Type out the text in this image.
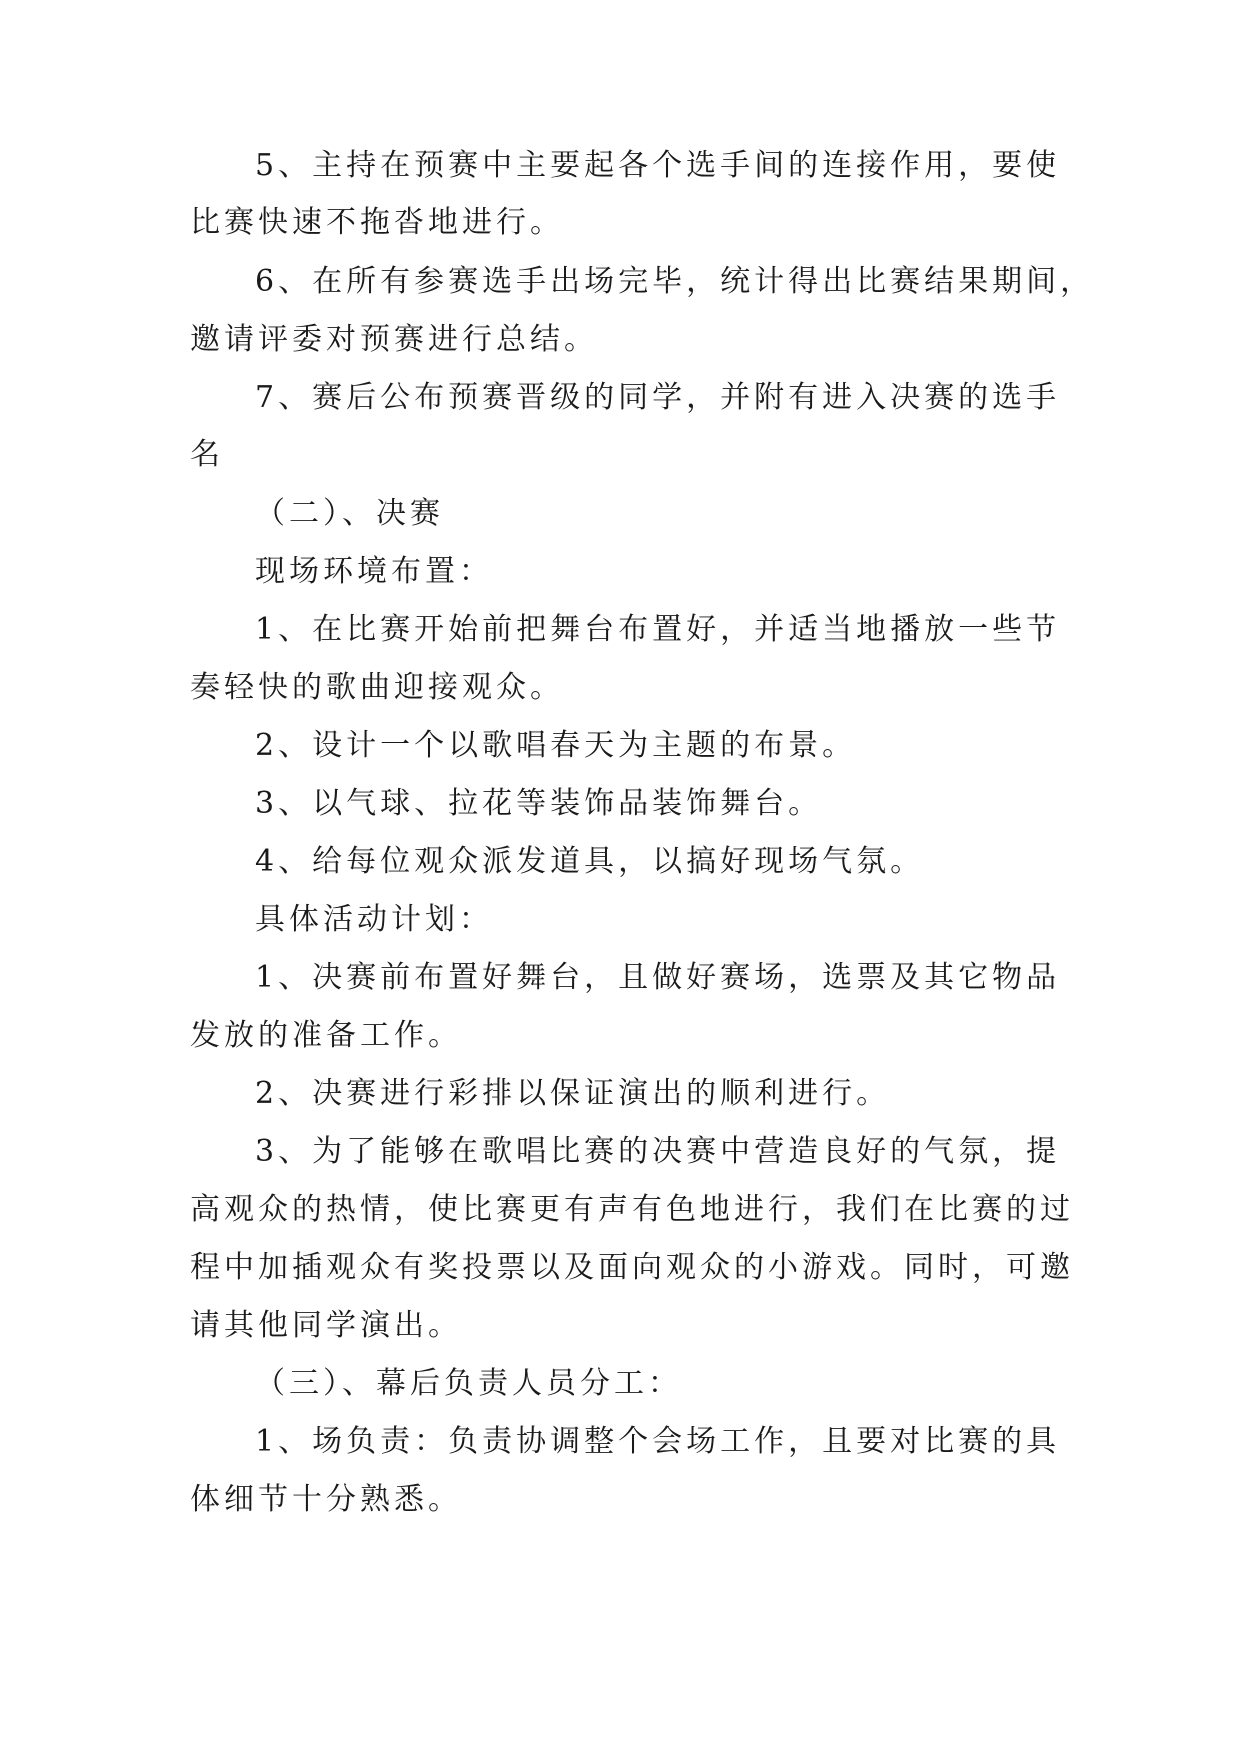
5、主持在预赛中主要起各个选手间的连接作用，要使

比赛快速不拖沓地进行。

6、在所有参赛选手出场完毕，统计得出比赛结果期间，

邀请评委对预赛进行总结。

7、赛后公布预赛晋级的同学，并附有进入决赛的选手

名

（二）、决赛

现场环境布置：

1、在比赛开始前把舞台布置好，并适当地播放一些节

奏轻快的歌曲迎接观众。

2、设计一个以歌唱春天为主题的布景。

3、以气球、拉花等装饰品装饰舞台。

4、给每位观众派发道具，以搞好现场气氛。

具体活动计划：

1、决赛前布置好舞台，且做好赛场，选票及其它物品

发放的准备工作。

2、决赛进行彩排以保证演出的顺利进行。

3、为了能够在歌唱比赛的决赛中营造良好的气氛，提

高观众的热情，使比赛更有声有色地进行，我们在比赛的过

程中加插观众有奖投票以及面向观众的小游戏。同时，可邀

请其他同学演出。

（三）、幕后负责人员分工：

1、场负责：负责协调整个会场工作，且要对比赛的具

体细节十分熟悉。
